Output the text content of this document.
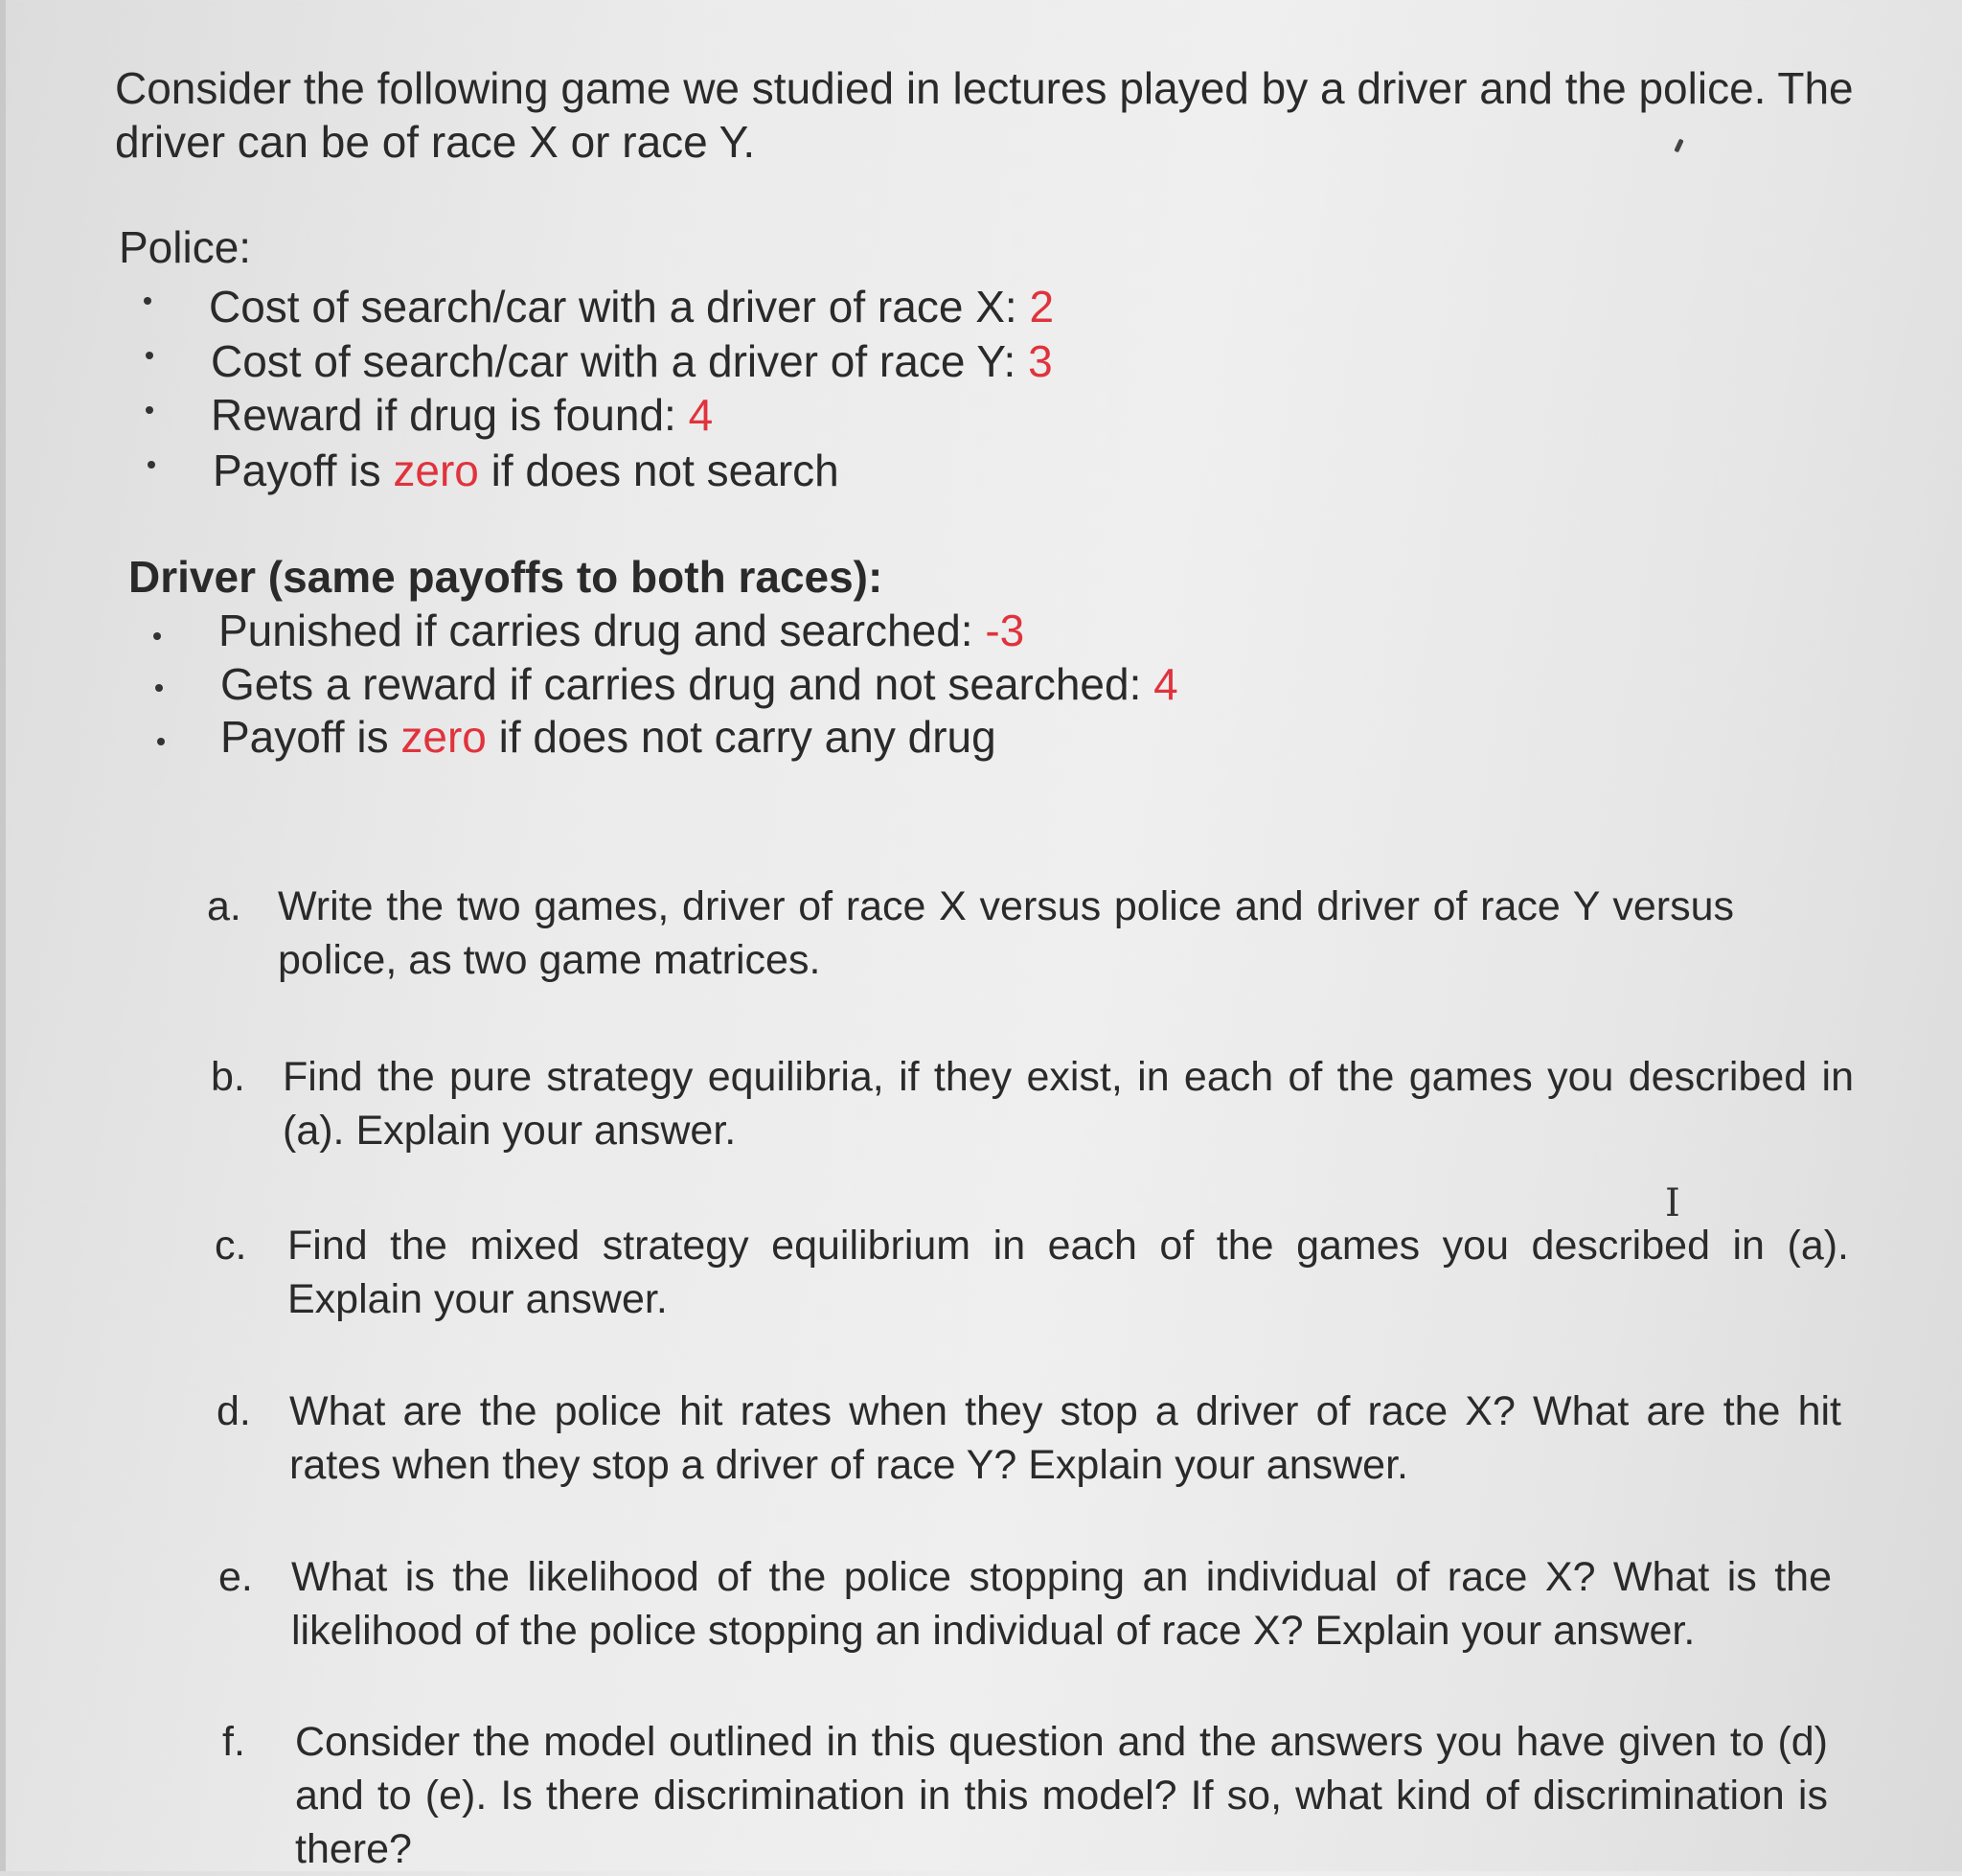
Consider the following game we studied in lectures played by a driver and the police. The

driver can be of race X or race Y.

Police:

Cost of search/car with a driver of race X: 2

Cost of search/car with a driver of race Y: 3

Reward if drug is found: 4

Payoff is zero if does not search

Driver (same payoffs to both races):

Punished if carries drug and searched: -3

Gets a reward if carries drug and not searched: 4

Payoff is zero if does not carry any drug

a. Write the two games, driver of race X versus police and driver of race Y versus police, as two game matrices.

b. Find the pure strategy equilibria, if they exist, in each of the games you described in (a). Explain your answer.

c. Find the mixed strategy equilibrium in each of the games you described in (a). Explain your answer.

d. What are the police hit rates when they stop a driver of race X? What are the hit rates when they stop a driver of race Y? Explain your answer.

e. What is the likelihood of the police stopping an individual of race X? What is the likelihood of the police stopping an individual of race X? Explain your answer.

f. Consider the model outlined in this question and the answers you have given to (d) and to (e). Is there discrimination in this model? If so, what kind of discrimination is there?

I
